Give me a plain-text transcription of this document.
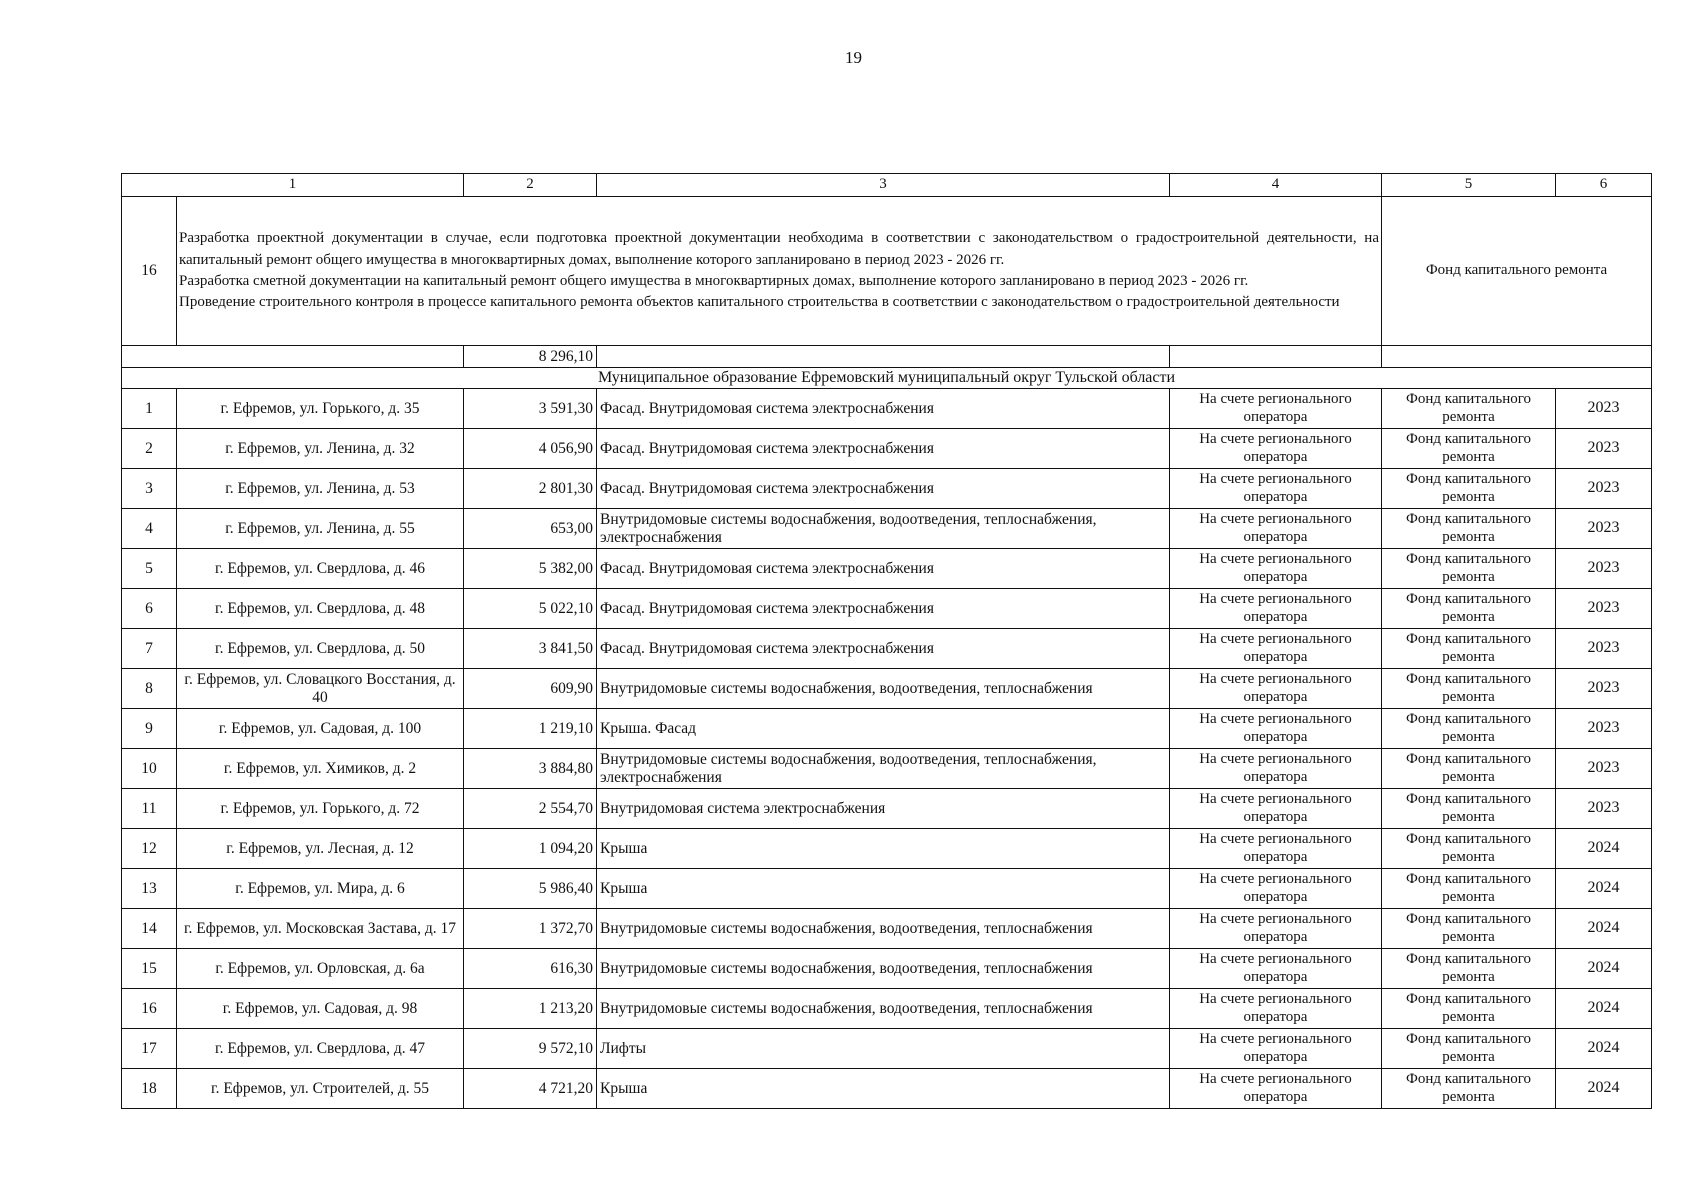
19
1		2	3	4	5	6
16	Разработка проектной документации в случае, если подготовка проектной документации необходима в соответствии с законодательством о градостроительной деятельности, на капитальный ремонт общего имущества в многоквартирных домах, выполнение которого запланировано в период 2023 - 2026 гг.

Разработка сметной документации на капитальный ремонт общего имущества в многоквартирных домах, выполнение которого запланировано в период 2023 - 2026 гг.

Проведение строительного контроля в процессе капитального ремонта объектов капитального строительства в соответствии с законодательством о градостроительной деятельности				Фонд капитального ремонта	
		8 296,10				
Муниципальное образование Ефремовский муниципальный округ Тульской области						
1	г. Ефремов, ул. Горького, д. 35	3 591,30	Фасад. Внутридомовая система электроснабжения	На счете регионального оператора	Фонд капитального ремонта	2023
2	г. Ефремов, ул. Ленина, д. 32	4 056,90	Фасад. Внутридомовая система электроснабжения	На счете регионального оператора	Фонд капитального ремонта	2023
3	г. Ефремов, ул. Ленина, д. 53	2 801,30	Фасад. Внутридомовая система электроснабжения	На счете регионального оператора	Фонд капитального ремонта	2023
4	г. Ефремов, ул. Ленина, д. 55	653,00	Внутридомовые системы водоснабжения, водоотведения, теплоснабжения, электроснабжения	На счете регионального оператора	Фонд капитального ремонта	2023
5	г. Ефремов, ул. Свердлова, д. 46	5 382,00	Фасад. Внутридомовая система электроснабжения	На счете регионального оператора	Фонд капитального ремонта	2023
6	г. Ефремов, ул. Свердлова, д. 48	5 022,10	Фасад. Внутридомовая система электроснабжения	На счете регионального оператора	Фонд капитального ремонта	2023
7	г. Ефремов, ул. Свердлова, д. 50	3 841,50	Фасад. Внутридомовая система электроснабжения	На счете регионального оператора	Фонд капитального ремонта	2023
8	г. Ефремов, ул. Словацкого Восстания, д. 40	609,90	Внутридомовые системы водоснабжения, водоотведения, теплоснабжения	На счете регионального оператора	Фонд капитального ремонта	2023
9	г. Ефремов, ул. Садовая, д. 100	1 219,10	Крыша. Фасад	На счете регионального оператора	Фонд капитального ремонта	2023
10	г. Ефремов, ул. Химиков, д. 2	3 884,80	Внутридомовые системы водоснабжения, водоотведения, теплоснабжения, электроснабжения	На счете регионального оператора	Фонд капитального ремонта	2023
11	г. Ефремов, ул. Горького, д. 72	2 554,70	Внутридомовая система электроснабжения	На счете регионального оператора	Фонд капитального ремонта	2023
12	г. Ефремов, ул. Лесная, д. 12	1 094,20	Крыша	На счете регионального оператора	Фонд капитального ремонта	2024
13	г. Ефремов, ул. Мира, д. 6	5 986,40	Крыша	На счете регионального оператора	Фонд капитального ремонта	2024
14	г. Ефремов, ул. Московская Застава, д. 17	1 372,70	Внутридомовые системы водоснабжения, водоотведения, теплоснабжения	На счете регионального оператора	Фонд капитального ремонта	2024
15	г. Ефремов, ул. Орловская, д. 6а	616,30	Внутридомовые системы водоснабжения, водоотведения, теплоснабжения	На счете регионального оператора	Фонд капитального ремонта	2024
16	г. Ефремов, ул. Садовая, д. 98	1 213,20	Внутридомовые системы водоснабжения, водоотведения, теплоснабжения	На счете регионального оператора	Фонд капитального ремонта	2024
17	г. Ефремов, ул. Свердлова, д. 47	9 572,10	Лифты	На счете регионального оператора	Фонд капитального ремонта	2024
18	г. Ефремов, ул. Строителей, д. 55	4 721,20	Крыша	На счете регионального оператора	Фонд капитального ремонта	2024
